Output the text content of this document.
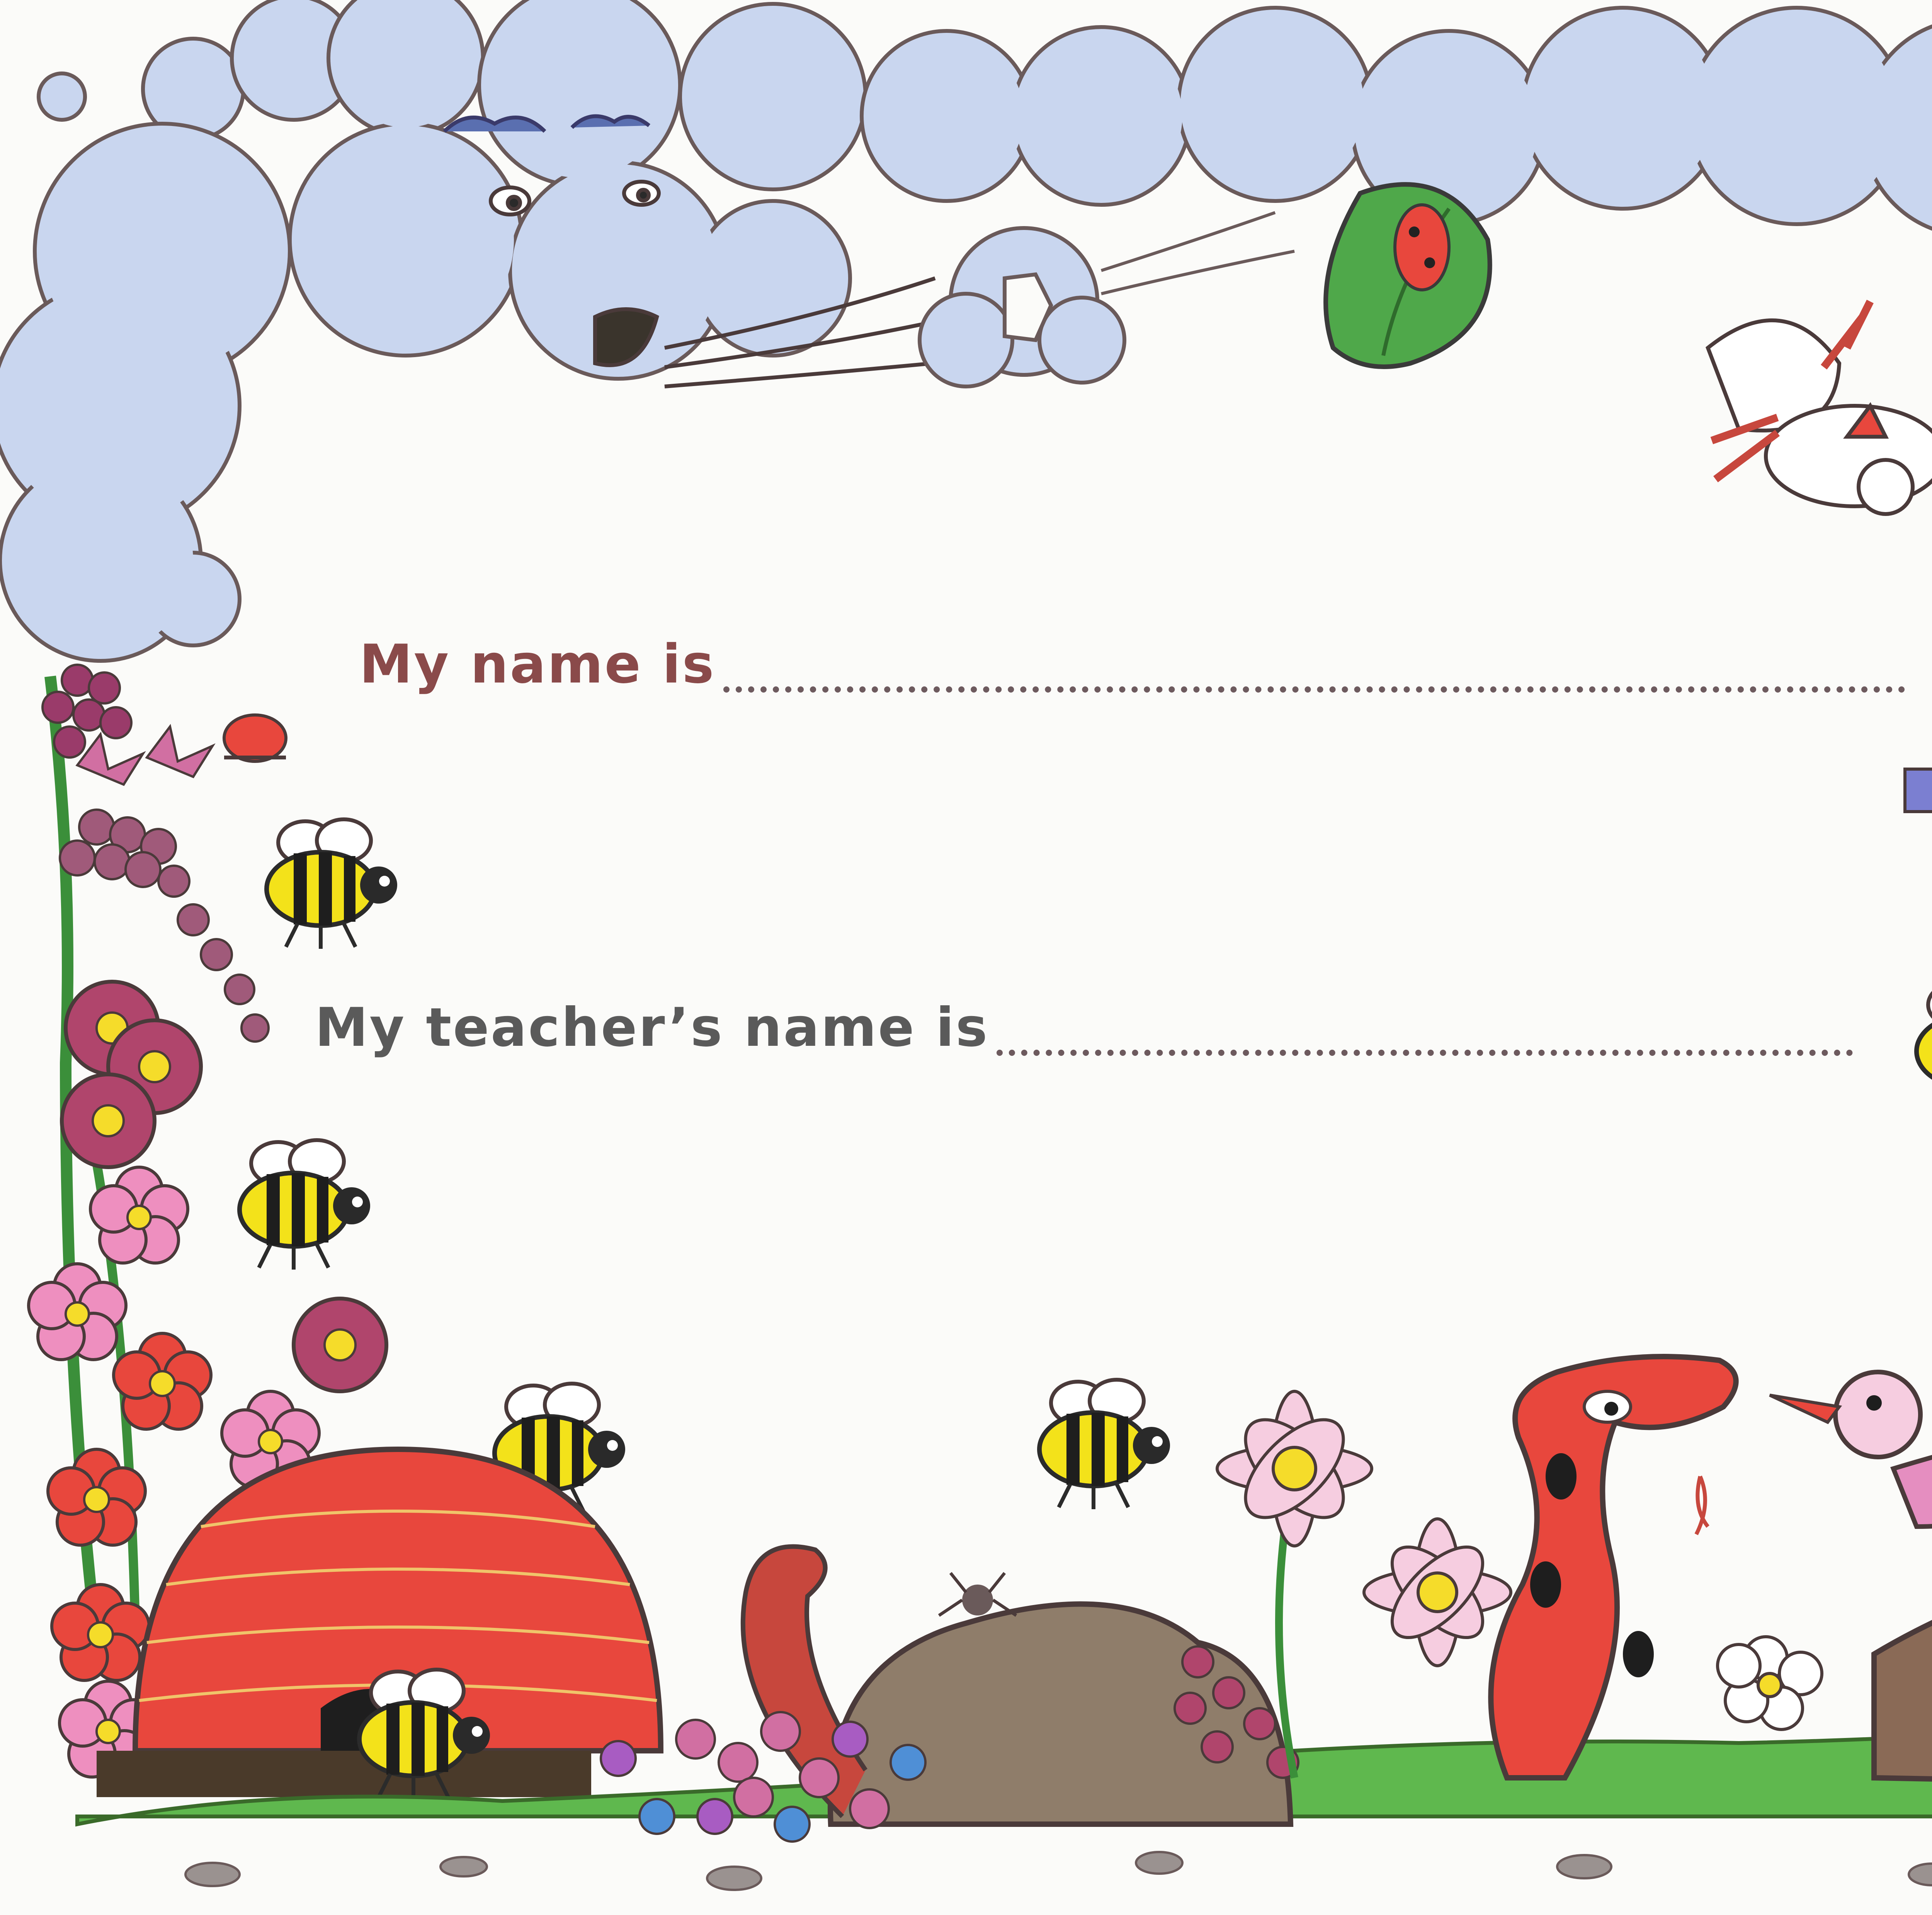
My name is
My teacher’s name is
